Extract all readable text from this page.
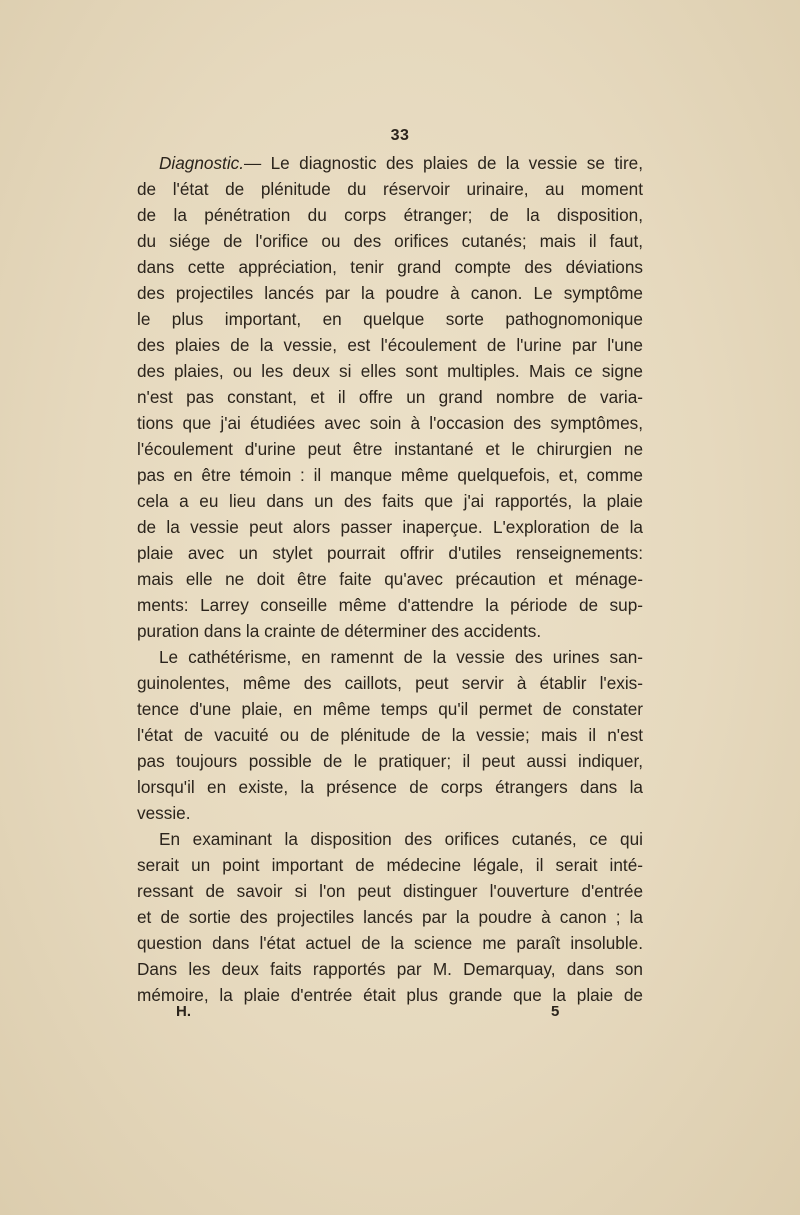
33
Diagnostic.— Le diagnostic des plaies de la vessie se tire,
de l'état de plénitude du réservoir urinaire, au moment
de la pénétration du corps étranger; de la disposition,
du siége de l'orifice ou des orifices cutanés; mais il faut,
dans cette appréciation, tenir grand compte des déviations
des projectiles lancés par la poudre à canon. Le symptôme
le plus important, en quelque sorte pathognomonique
des plaies de la vessie, est l'écoulement de l'urine par l'une
des plaies, ou les deux si elles sont multiples. Mais ce signe
n'est pas constant, et il offre un grand nombre de varia-
tions que j'ai étudiées avec soin à l'occasion des symptômes,
l'écoulement d'urine peut être instantané et le chirurgien ne
pas en être témoin : il manque même quelquefois, et, comme
cela a eu lieu dans un des faits que j'ai rapportés, la plaie
de la vessie peut alors passer inaperçue. L'exploration de la
plaie avec un stylet pourrait offrir d'utiles renseignements:
mais elle ne doit être faite qu'avec précaution et ménage-
ments: Larrey conseille même d'attendre la période de sup-
puration dans la crainte de déterminer des accidents.
Le cathétérisme, en ramennt de la vessie des urines san-
guinolentes, même des caillots, peut servir à établir l'exis-
tence d'une plaie, en même temps qu'il permet de constater
l'état de vacuité ou de plénitude de la vessie; mais il n'est
pas toujours possible de le pratiquer; il peut aussi indiquer,
lorsqu'il en existe, la présence de corps étrangers dans la
vessie.
En examinant la disposition des orifices cutanés, ce qui
serait un point important de médecine légale, il serait inté-
ressant de savoir si l'on peut distinguer l'ouverture d'entrée
et de sortie des projectiles lancés par la poudre à canon ; la
question dans l'état actuel de la science me paraît insoluble.
Dans les deux faits rapportés par M. Demarquay, dans son
mémoire, la plaie d'entrée était plus grande que la plaie de
H.	5
